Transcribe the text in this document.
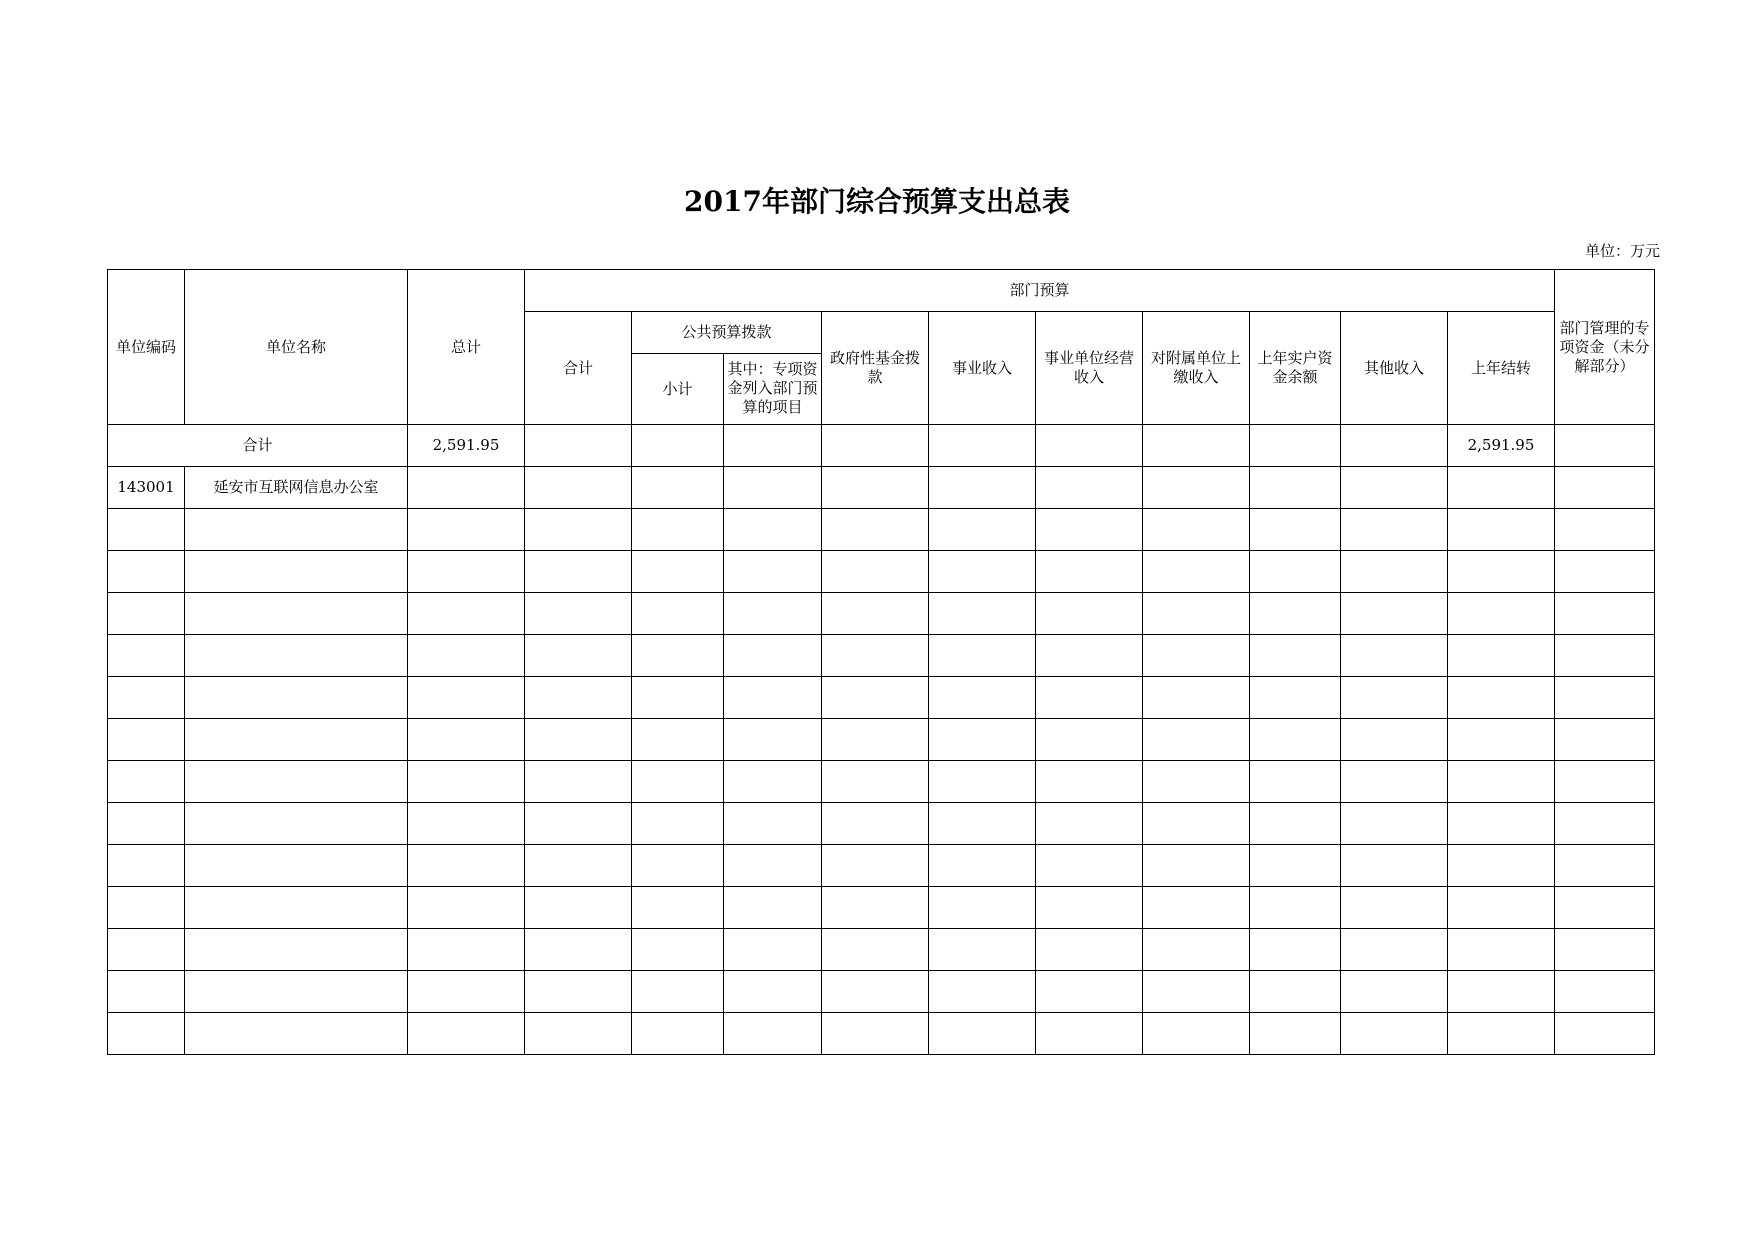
2017年部门综合预算支出总表
单位：万元
单位编码	单位名称	总计	部门预算										部门管理的专项资金（未分解部分）
			合计	公共预算拨款		政府性基金拨款	事业收入	事业单位经营收入	对附属单位上缴收入	上年实户资金余额	其他收入	上年结转	
				小计	其中：专项资金列入部门预算的项目								

合计		2,591.95										2,591.95	
143001	延安市互联网信息办公室												
